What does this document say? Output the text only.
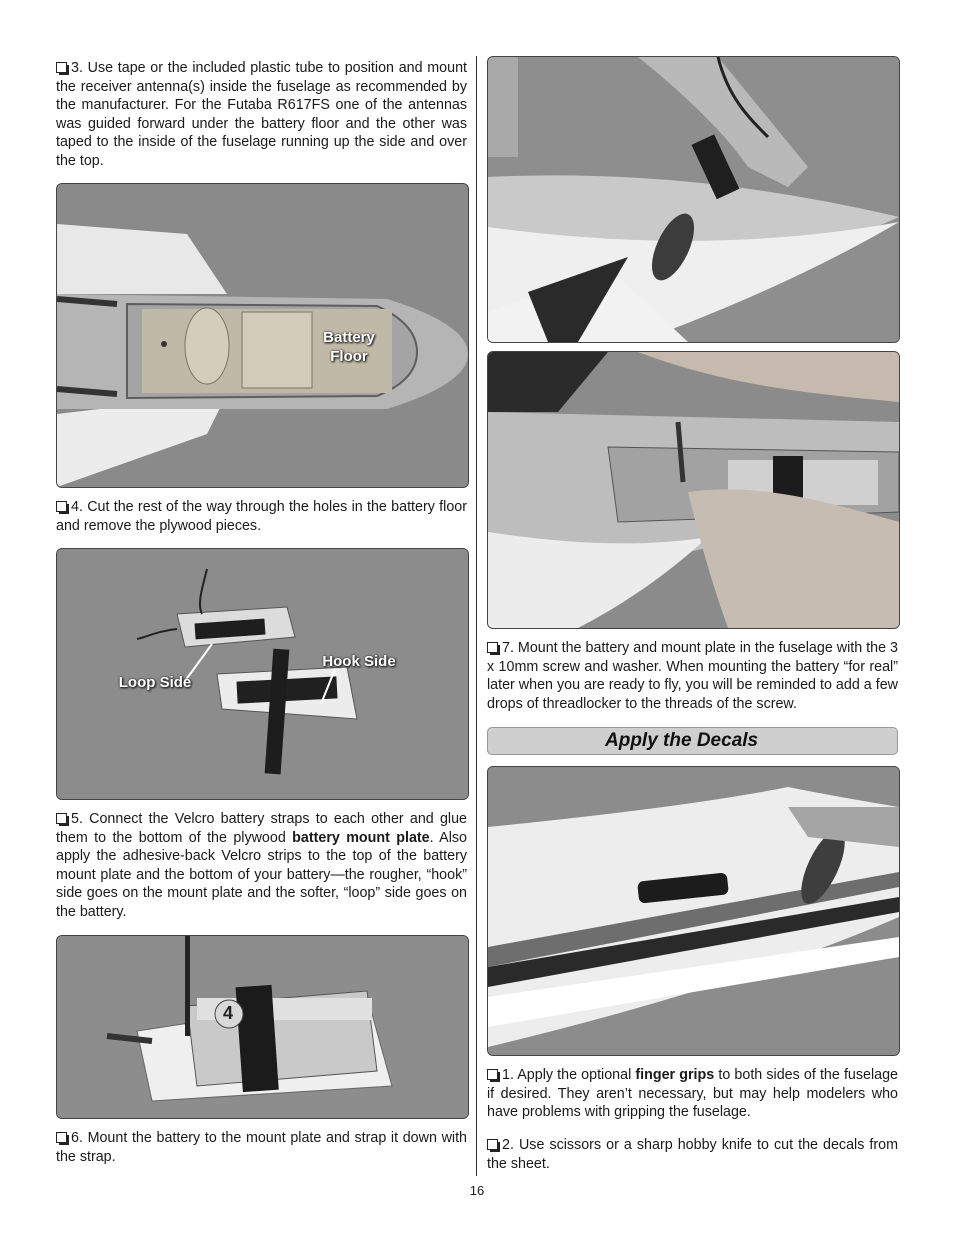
3. Use tape or the included plastic tube to position and mount the receiver antenna(s) inside the fuselage as recommended by the manufacturer. For the Futaba R617FS one of the antennas was guided forward under the battery floor and the other was taped to the inside of the fuselage running up the side and over the top.

Battery
Floor

4. Cut the rest of the way through the holes in the battery floor and remove the plywood pieces.

Loop Side
Hook Side

5. Connect the Velcro battery straps to each other and glue them to the bottom of the plywood battery mount plate. Also apply the adhesive-back Velcro strips to the top of the battery mount plate and the bottom of your battery—the rougher, “hook” side goes on the mount plate and the softer, “loop” side goes on the battery.

4

6. Mount the battery to the mount plate and strap it down with the strap.

7. Mount the battery and mount plate in the fuselage with the 3 x 10mm screw and washer. When mounting the battery “for real” later when you are ready to fly, you will be reminded to add a few drops of threadlocker to the threads of the screw.

Apply the Decals

1. Apply the optional finger grips to both sides of the fuselage if desired. They aren’t necessary, but may help modelers who have problems with gripping the fuselage.

2. Use scissors or a sharp hobby knife to cut the decals from the sheet.

16
